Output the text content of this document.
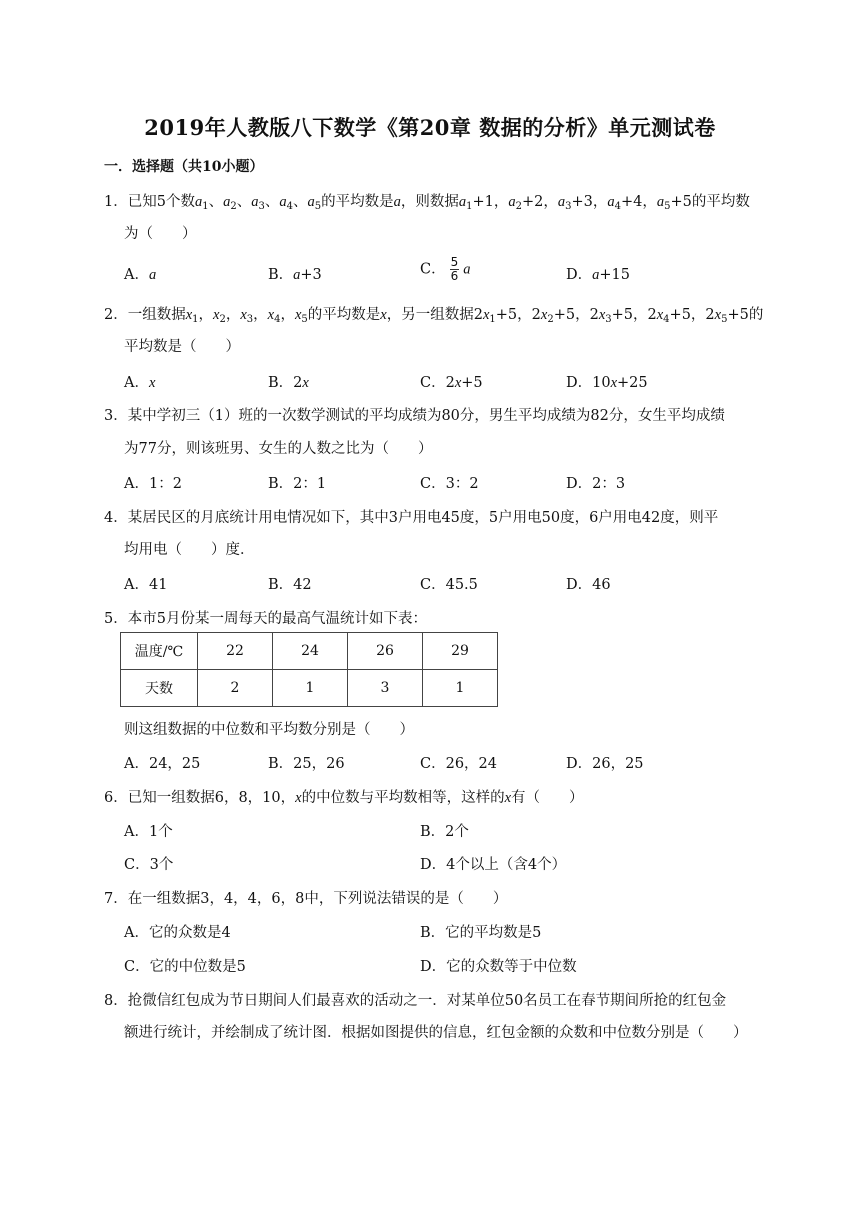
2019年人教版八下数学《第20章 数据的分析》单元测试卷
一．选择题（共10小题）
1．已知5个数$a_1$、$a_2$、$a_3$、$a_4$、$a_5$的平均数是a，则数据$a_1+1$，$a_2+2$，$a_3+3$，$a_4+4$，$a_5+5$的平均数
为（　　）
A．a	B．a+3	C． $\frac{5}{6}$ a	D．a+15
2．一组数据$x_1$，$x_2$，$x_3$，$x_4$，$x_5$的平均数是x，另一组数据$2x_1+5$，$2x_2+5$，$2x_3+5$，$2x_4+5$，$2x_5+5$的
平均数是（　　）
A．x	B．2x	C．2x+5	D．10x+25
3．某中学初三（1）班的一次数学测试的平均成绩为80分，男生平均成绩为82分，女生平均成绩
为77分，则该班男、女生的人数之比为（　　）
A．1：2	B．2：1	C．3：2	D．2：3
4．某居民区的月底统计用电情况如下，其中3户用电45度，5户用电50度，6户用电42度，则平
均用电（　　）度．
A．41	B．42	C．45.5	D．46
5．本市5月份某一周每天的最高气温统计如下表：
温度/℃	22	24	26	29
天数	2	1	3	1
则这组数据的中位数和平均数分别是（　　）
A．24，25	B．25，26	C．26，24	D．26，25
6．已知一组数据6，8，10，x的中位数与平均数相等，这样的x有（　　）
A．1个	B．2个
C．3个	D．4个以上（含4个）
7．在一组数据3，4，4，6，8中，下列说法错误的是（　　）
A．它的众数是4	B．它的平均数是5
C．它的中位数是5	D．它的众数等于中位数
8．抢微信红包成为节日期间人们最喜欢的活动之一．对某单位50名员工在春节期间所抢的红包金
额进行统计，并绘制成了统计图．根据如图提供的信息，红包金额的众数和中位数分别是（　　）
